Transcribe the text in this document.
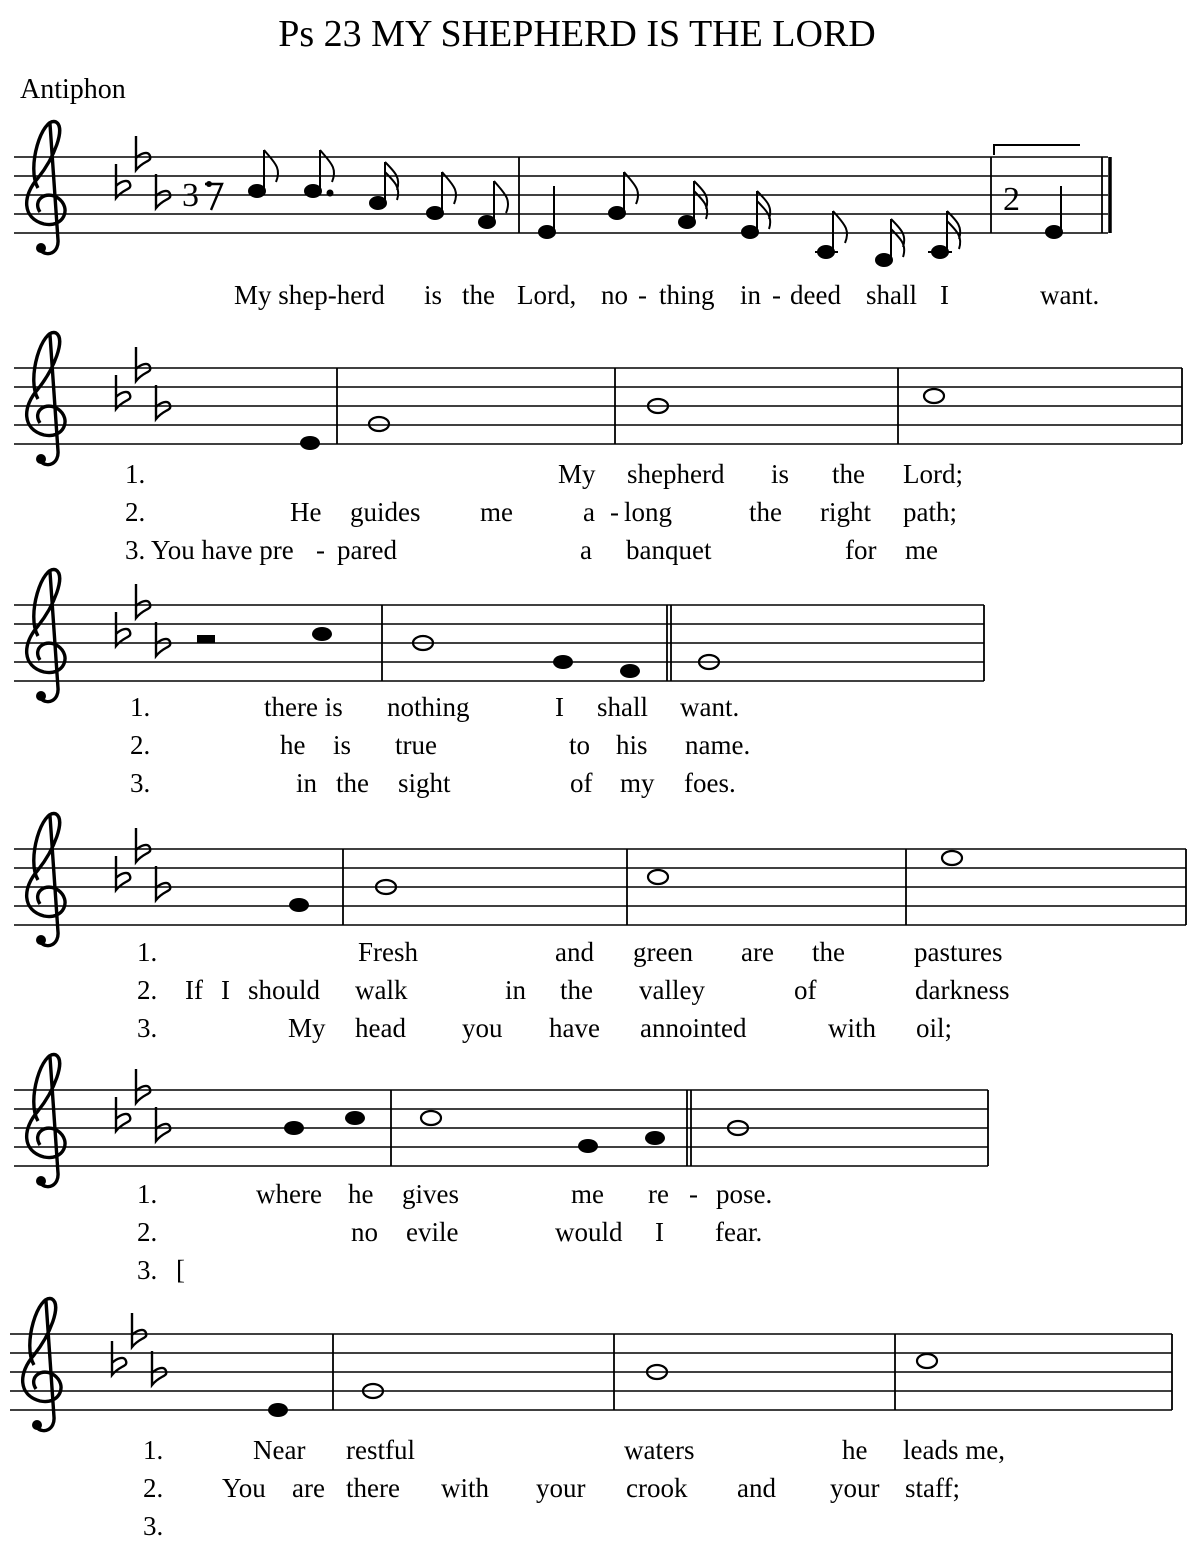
Ps 23 MY SHEPHERD IS THE LORD
Antiphon
3	2
My shep-herd is the Lord, no - thing in - deed shall I	want.
1.	My shepherd is the Lord;
2.	He guides me	a - long	the right path;
3. You have pre - pared	a banquet	for me
1.	there is nothing	I shall want.
2.	he is true	to his name.
3.	in the sight	of my foes.
1.	Fresh	and green are the	pastures
2. If I should walk	in the valley	of	darkness
3.	My head you have annointed	with oil;
1.	where he gives	me re - pose.
2.	no evile	would I fear.
3. [
1.	Near restful	waters	he leads me,
2. You are there with your crook and your staff;
3.
